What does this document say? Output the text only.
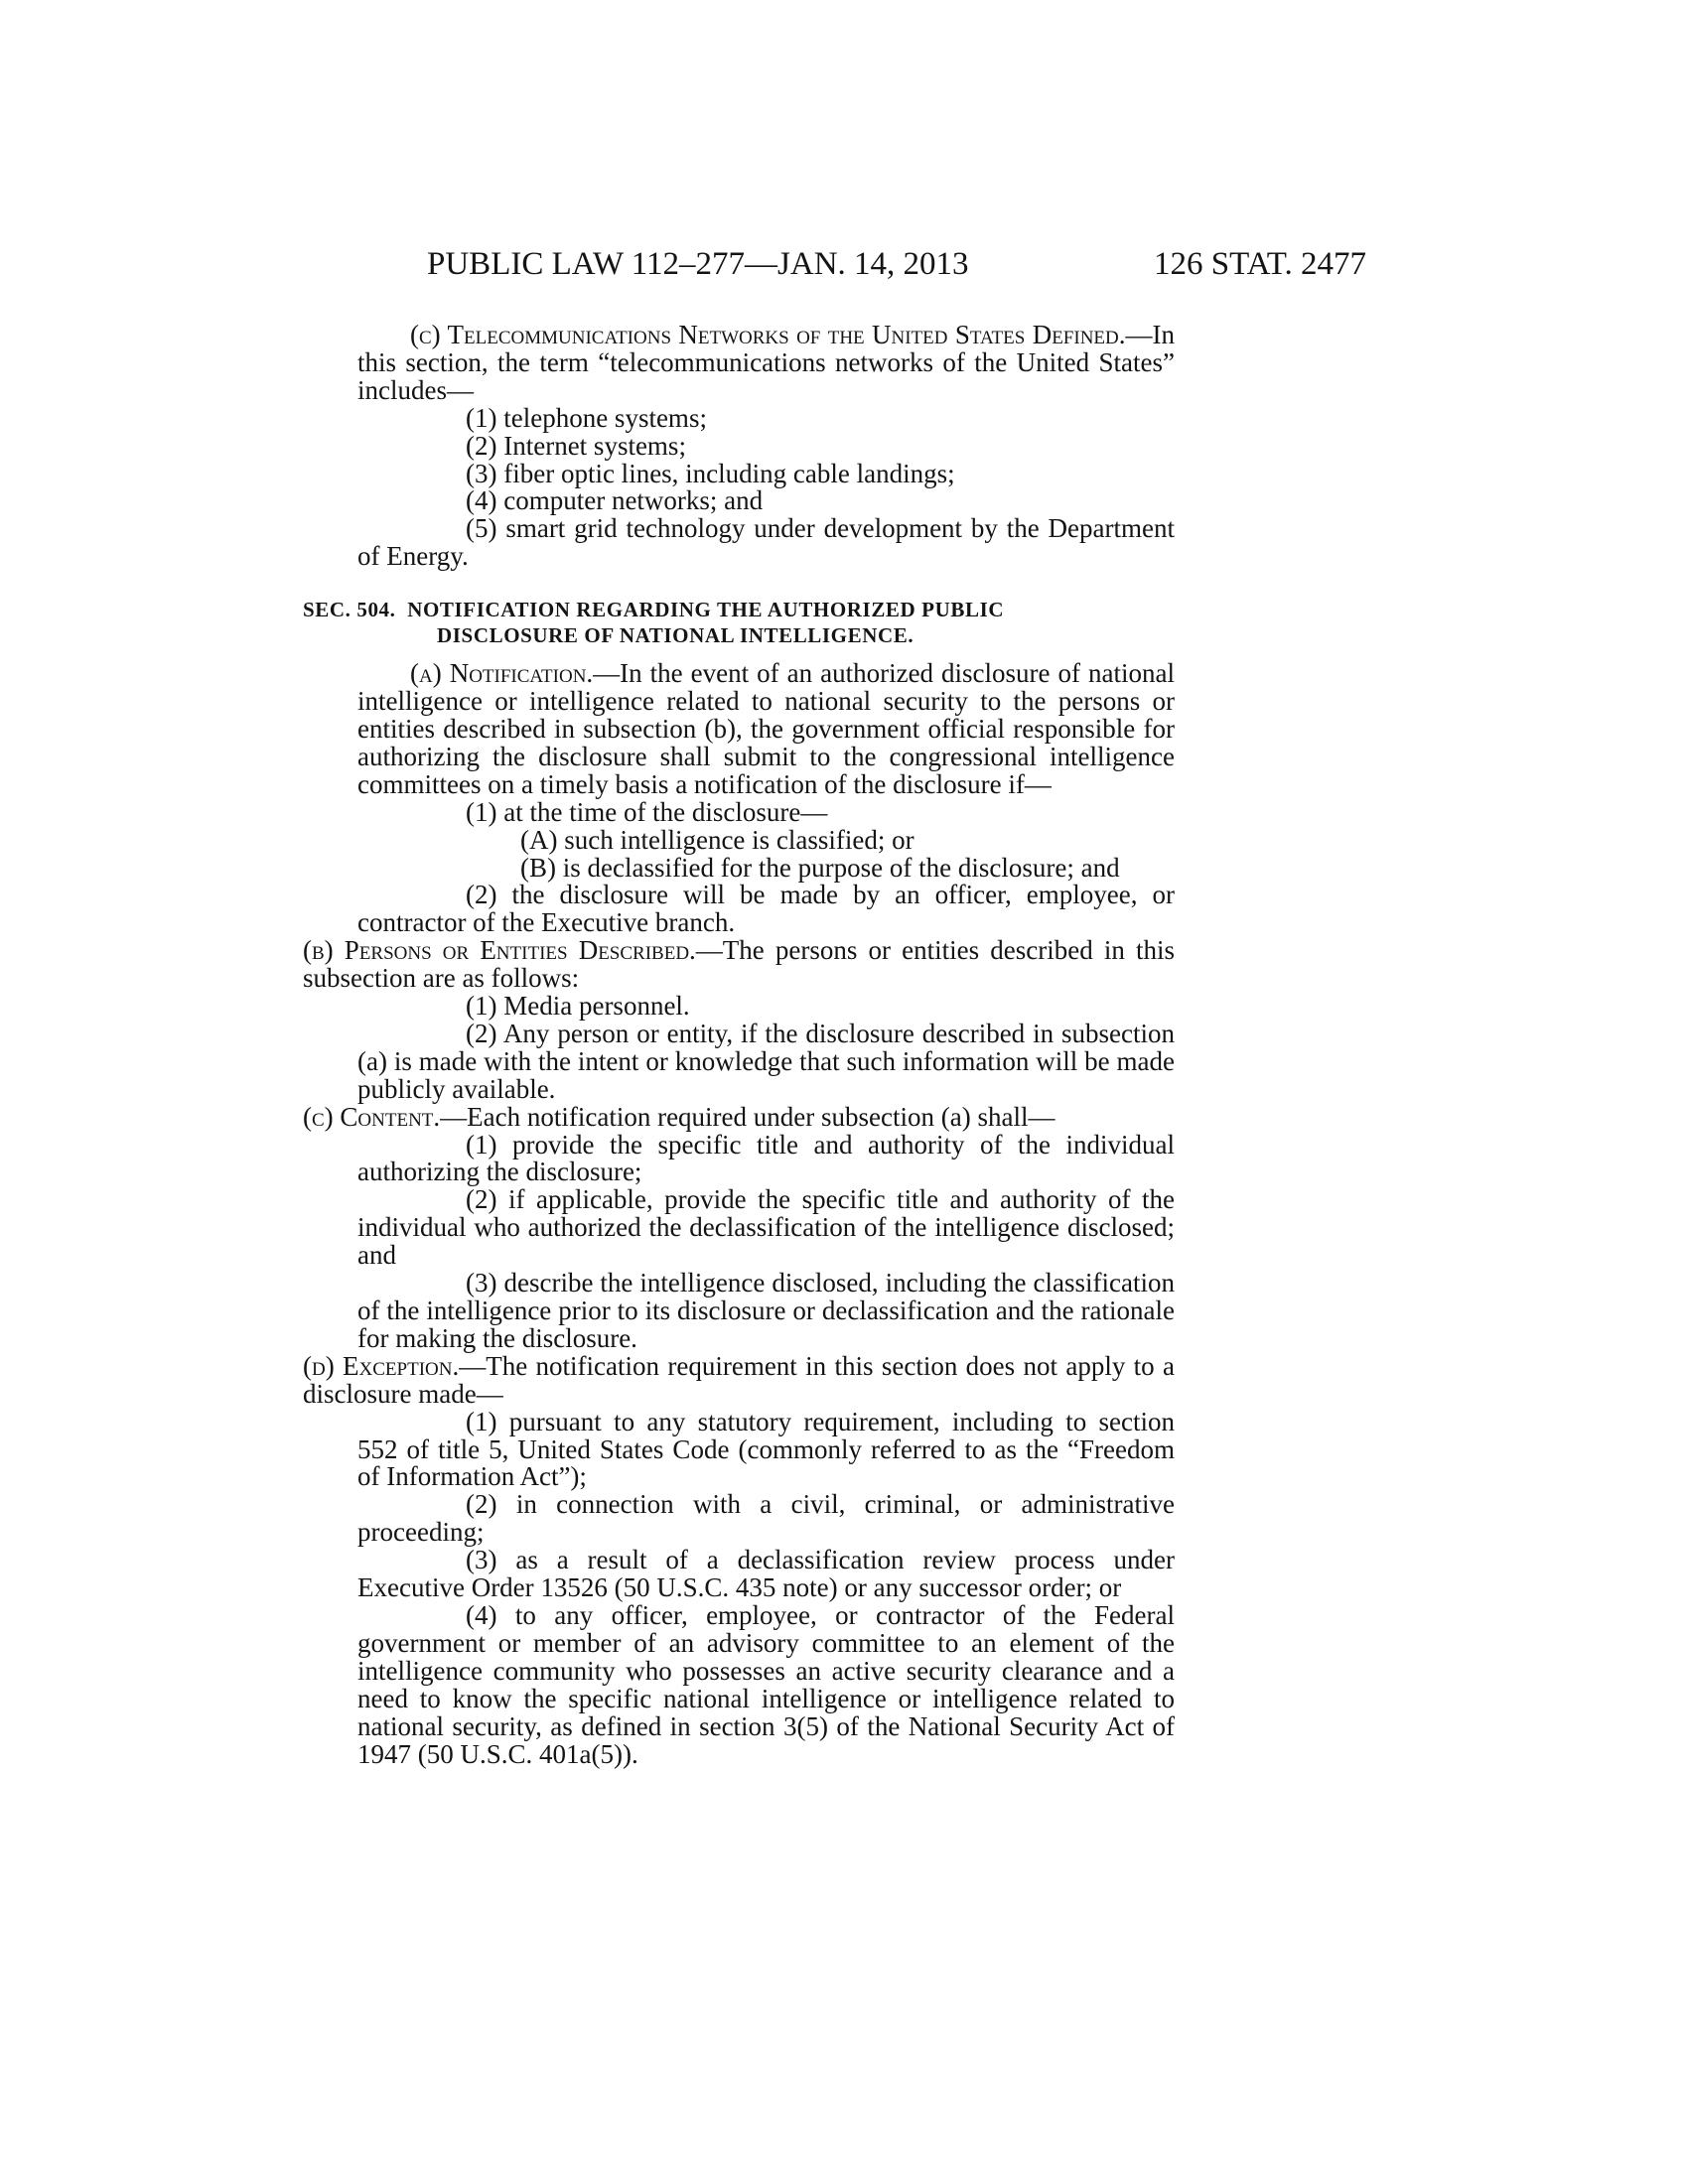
PUBLIC LAW 112–277—JAN. 14, 2013	126 STAT. 2477

(c) Telecommunications Networks of the United States Defined.—In this section, the term “telecommunications networks of the United States” includes—

(1) telephone systems;

(2) Internet systems;

(3) fiber optic lines, including cable landings;

(4) computer networks; and

(5) smart grid technology under development by the Department of Energy.

SEC. 504. NOTIFICATION REGARDING THE AUTHORIZED PUBLIC
DISCLOSURE OF NATIONAL INTELLIGENCE.

(a) Notification.—In the event of an authorized disclosure of national intelligence or intelligence related to national security to the persons or entities described in subsection (b), the government official responsible for authorizing the disclosure shall submit to the congressional intelligence committees on a timely basis a notification of the disclosure if—

(1) at the time of the disclosure—

(A) such intelligence is classified; or

(B) is declassified for the purpose of the disclosure; and

(2) the disclosure will be made by an officer, employee, or contractor of the Executive branch.

(b) Persons or Entities Described.—The persons or entities described in this subsection are as follows:

(1) Media personnel.

(2) Any person or entity, if the disclosure described in subsection (a) is made with the intent or knowledge that such information will be made publicly available.

(c) Content.—Each notification required under subsection (a) shall—

(1) provide the specific title and authority of the individual authorizing the disclosure;

(2) if applicable, provide the specific title and authority of the individual who authorized the declassification of the intelligence disclosed; and

(3) describe the intelligence disclosed, including the classification of the intelligence prior to its disclosure or declassification and the rationale for making the disclosure.

(d) Exception.—The notification requirement in this section does not apply to a disclosure made—

(1) pursuant to any statutory requirement, including to section 552 of title 5, United States Code (commonly referred to as the “Freedom of Information Act”);

(2) in connection with a civil, criminal, or administrative proceeding;

(3) as a result of a declassification review process under Executive Order 13526 (50 U.S.C. 435 note) or any successor order; or

(4) to any officer, employee, or contractor of the Federal government or member of an advisory committee to an element of the intelligence community who possesses an active security clearance and a need to know the specific national intelligence or intelligence related to national security, as defined in section 3(5) of the National Security Act of 1947 (50 U.S.C. 401a(5)).
